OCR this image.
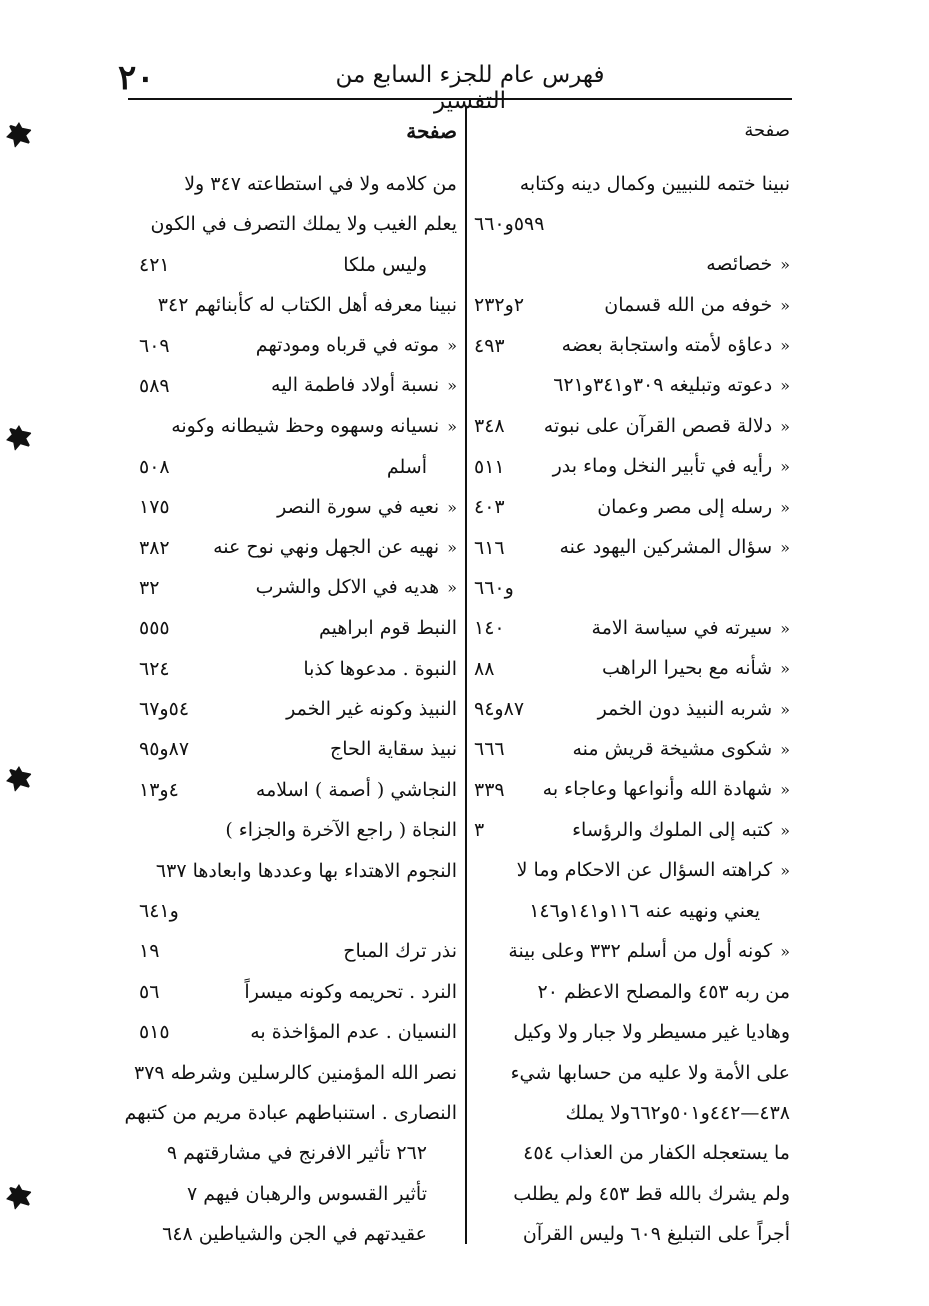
٢٠	فهرس عام للجزء السابع من التفسير
صفحة
نبينا ختمه للنبيين وكمال دينه وكتابه
٥٩٩و٦٦٠
« خصائصه
« خوفه من الله قسمان
٢و٢٣٢
« دعاؤه لأمته واستجابة بعضه
٤٩٣
« دعوته وتبليغه ٣٠٩و٣٤١و٦٢١
« دلالة قصص القرآن على نبوته
٣٤٨
« رأيه في تأبير النخل وماء بدر
٥١١
« رسله إلى مصر وعمان
٤٠٣
« سؤال المشركين اليهود عنه
٦١٦
و٦٦٠
« سيرته في سياسة الامة
١٤٠
« شأنه مع بحيرا الراهب
٨٨
« شربه النبيذ دون الخمر
٨٧و٩٤
« شكوى مشيخة قريش منه
٦٦٦
« شهادة الله وأنواعها وعاجاء به
٣٣٩
« كتبه إلى الملوك والرؤساء
٣
« كراهته السؤال عن الاحكام وما لا
يعني ونهيه عنه ١١٦و١٤١و١٤٦
« كونه أول من أسلم ٣٣٢ وعلى بينة
من ربه ٤٥٣ والمصلح الاعظم ٢٠
وهاديا غير مسيطر ولا جبار ولا وكيل
على الأمة ولا عليه من حسابها شيء
٤٣٨—٤٤٢و٥٠١و٦٦٢ولا يملك
ما يستعجله الكفار من العذاب ٤٥٤
ولم يشرك بالله قط ٤٥٣ ولم يطلب
أجراً على التبليغ ٦٠٩ وليس القرآن
صفحة
من كلامه ولا في استطاعته ٣٤٧ ولا
يعلم الغيب ولا يملك التصرف في الكون
وليس ملكا
٤٢١
نبينا معرفه أهل الكتاب له كأبنائهم ٣٤٢
« موته في قرباه ومودتهم
٦٠٩
« نسبة أولاد فاطمة اليه
٥٨٩
« نسيانه وسهوه وحظ شيطانه وكونه
أسلم
٥٠٨
« نعيه في سورة النصر
١٧٥
« نهيه عن الجهل ونهي نوح عنه
٣٨٢
« هديه في الاكل والشرب
٣٢
النبط قوم ابراهيم
٥٥٥
النبوة . مدعوها كذبا
٦٢٤
النبيذ وكونه غير الخمر
٥٤و٦٧
نبيذ سقاية الحاج
٨٧و٩٥
النجاشي ( أصمة ) اسلامه
٤و١٣
النجاة ( راجع الآخرة والجزاء )
النجوم الاهتداء بها وعددها وابعادها ٦٣٧
و٦٤١
نذر ترك المباح
١٩
النرد . تحريمه وكونه ميسراً
٥٦
النسيان . عدم المؤاخذة به
٥١٥
نصر الله المؤمنين كالرسلين وشرطه ٣٧٩
النصارى . استنباطهم عبادة مريم من كتبهم
٢٦٢ تأثير الافرنج في مشارقتهم ٩
تأثير القسوس والرهبان فيهم ٧
عقيدتهم في الجن والشياطين ٦٤٨
